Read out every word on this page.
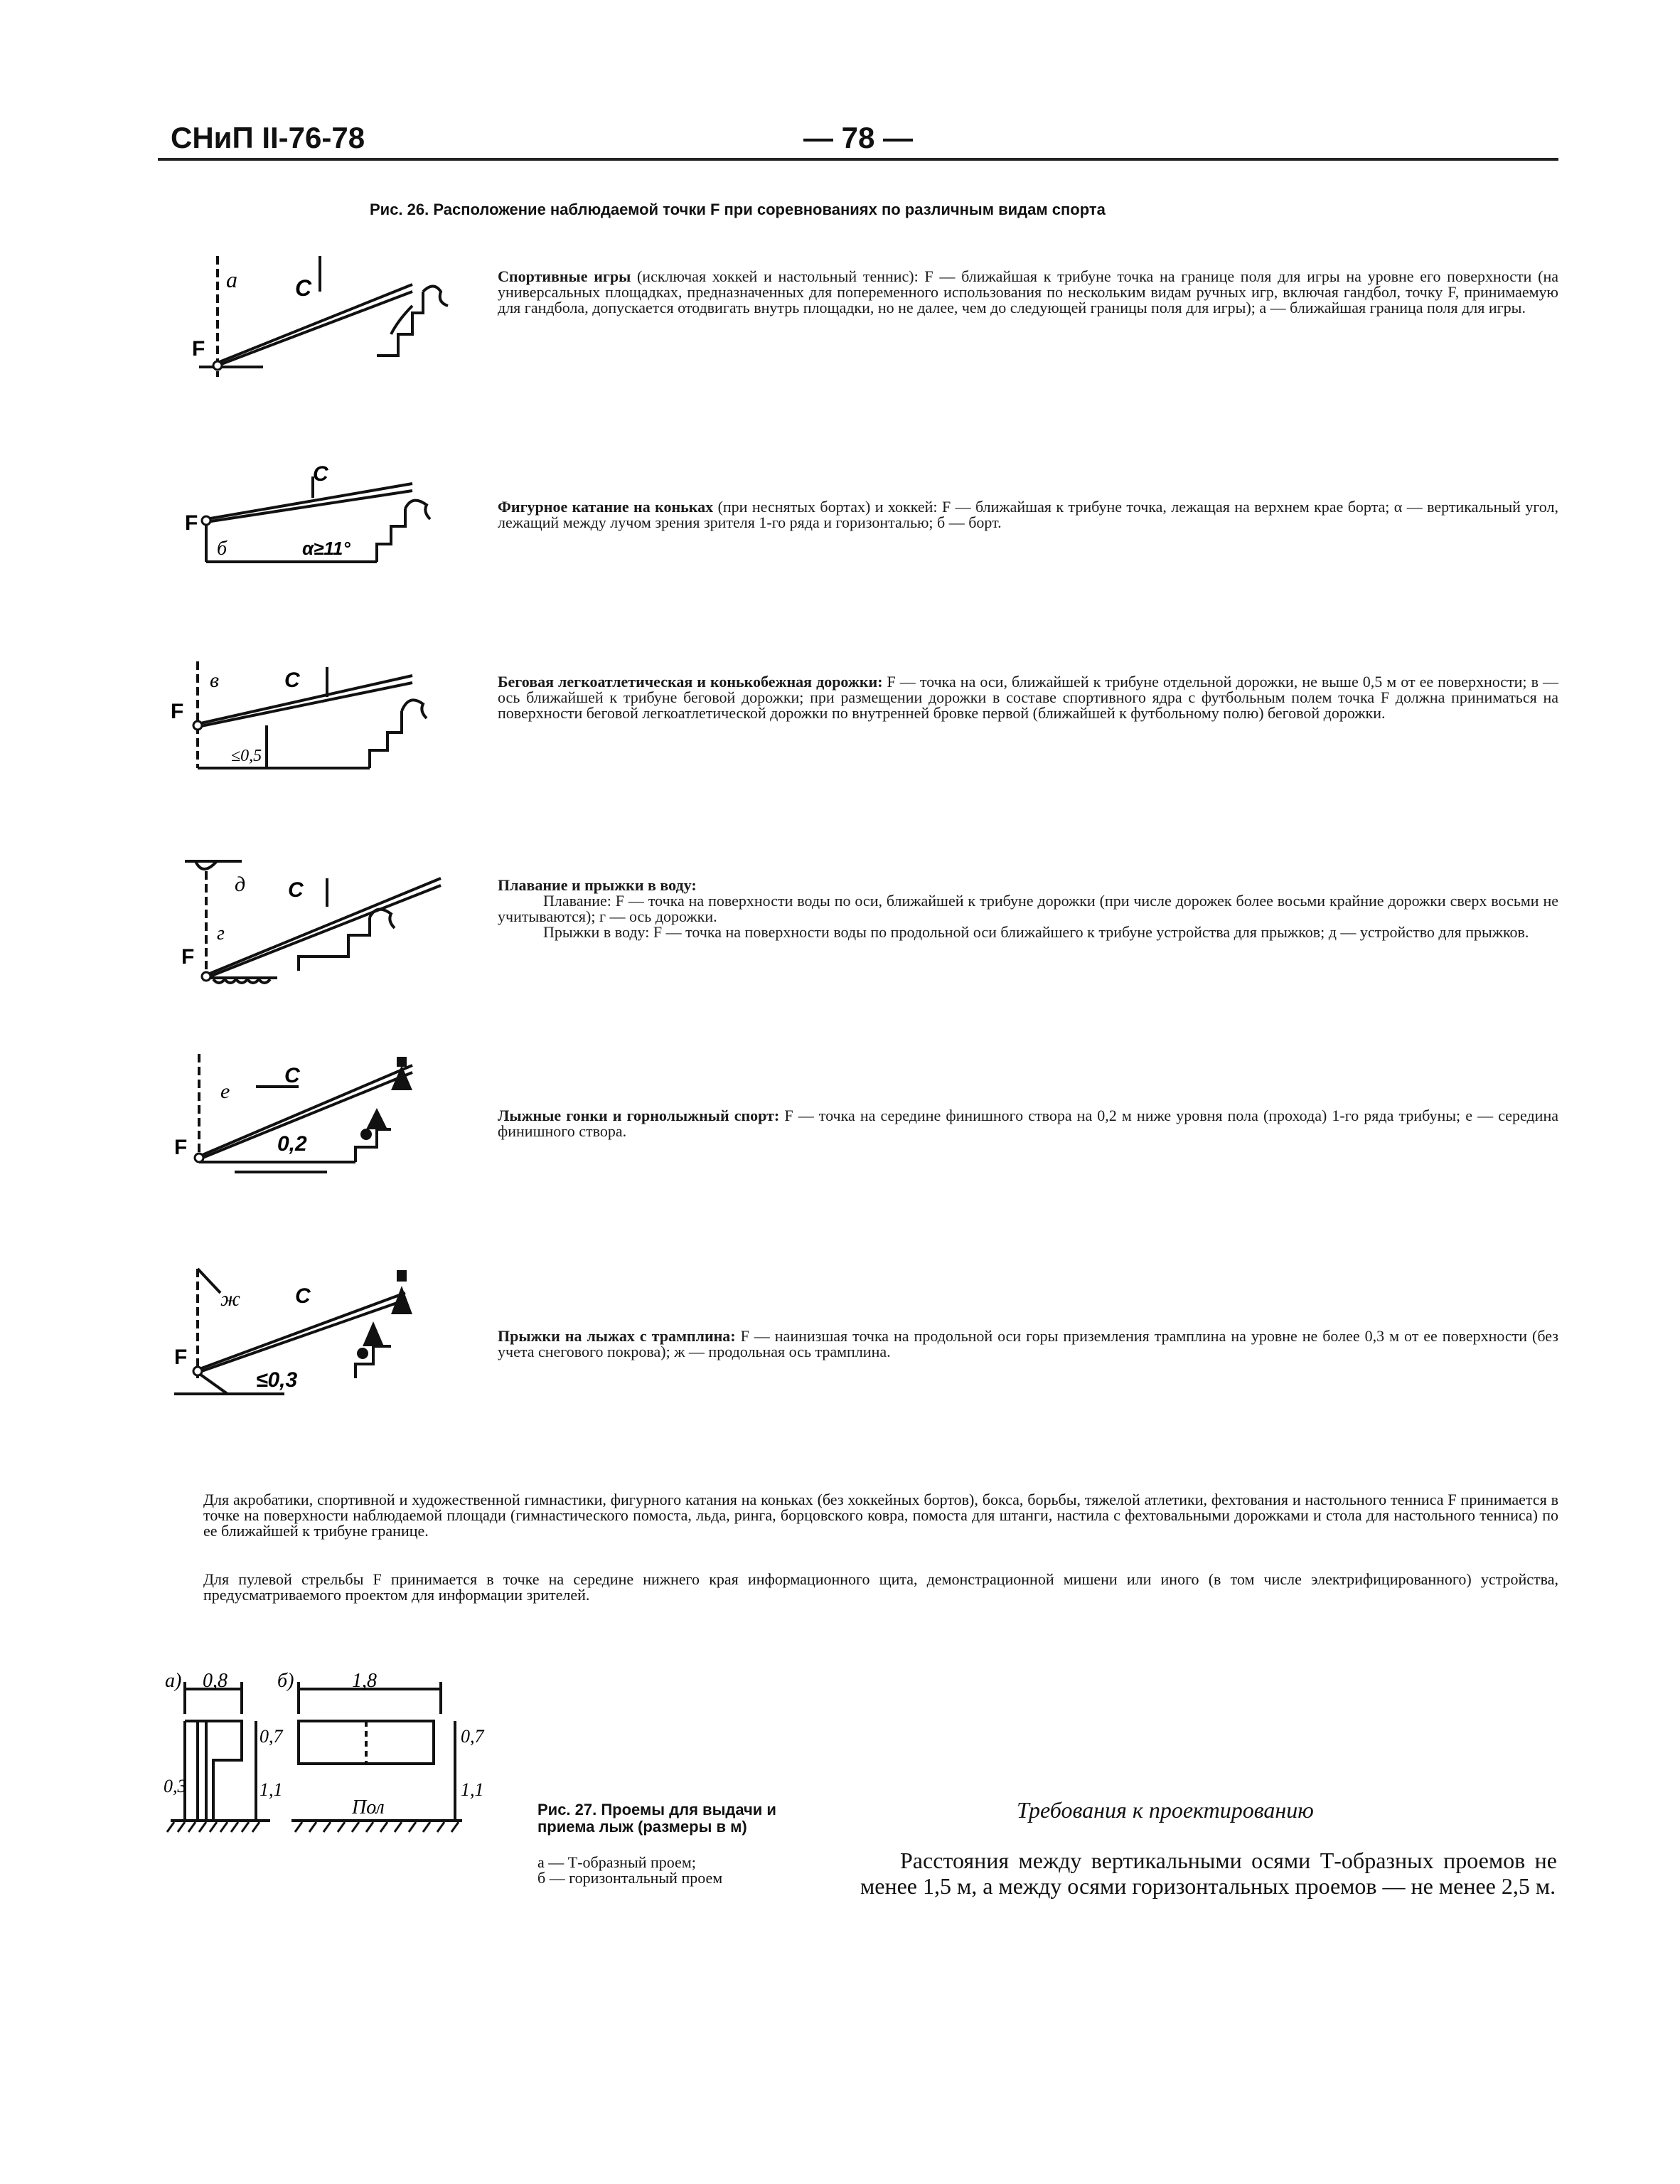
СНиП II-76-78	— 78 —
Рис. 26. Расположение наблюдаемой точки F при соревнованиях по различным видам спорта
а	С
F
Спортивные игры (исключая хоккей и настольный теннис): F — ближайшая к трибуне точка на границе поля для игры на уровне его поверхности (на универсальных площадках, предназначенных для попеременного использования по нескольким видам ручных игр, включая гандбол, точку F, принимаемую для гандбола, допускается отодвигать внутрь площадки, но не далее, чем до следующей границы поля для игры); а — ближайшая граница поля для игры.
С
F
б	α≥11°
Фигурное катание на коньках (при неснятых бортах) и хоккей: F — ближайшая к трибуне точка, лежащая на верхнем крае борта; α — вертикальный угол, лежащий между лучом зрения зрителя 1-го ряда и горизонталью; б — борт.
в	С
F
≤0,5
Беговая легкоатлетическая и конькобежная дорожки: F — точка на оси, ближайшей к трибуне отдельной дорожки, не выше 0,5 м от ее поверхности; в — ось ближайшей к трибуне беговой дорожки; при размещении дорожки в составе спортивного ядра с футбольным полем точка F должна приниматься на поверхности беговой легкоатлетической дорожки по внутренней бровке первой (ближайшей к футбольному полю) беговой дорожки.
д С
г
F
Плавание и прыжки в воду:
Плавание: F — точка на поверхности воды по оси, ближайшей к трибуне дорожки (при числе дорожек более восьми крайние дорожки сверх восьми не учитываются); г — ось дорожки.
Прыжки в воду: F — точка на поверхности воды по продольной оси ближайшего к трибуне устройства для прыжков; д — устройство для прыжков.
е
С
F	0,2
Лыжные гонки и горнолыжный спорт: F — точка на середине финишного створа на 0,2 м ниже уровня пола (прохода) 1-го ряда трибуны; е — середина финишного створа.
ж	С
F
≤0,3
Прыжки на лыжах с трамплина: F — наинизшая точка на продольной оси горы приземления трамплина на уровне не более 0,3 м от ее поверхности (без учета снегового покрова); ж — продольная ось трамплина.
Для акробатики, спортивной и художественной гимнастики, фигурного катания на коньках (без хоккейных бортов), бокса, борьбы, тяжелой атлетики, фехтования и настольного тенниса F принимается в точке на поверхности наблюдаемой площади (гимнастического помоста, льда, ринга, борцовского ковра, помоста для штанги, настила с фехтовальными дорожками и стола для настольного тенниса) по ее ближайшей к трибуне границе.
Для пулевой стрельбы F принимается в точке на середине нижнего края информационного щита, демонстрационной мишени или иного (в том числе электрифицированного) устройства, предусматриваемого проектом для информации зрителей.
а) 0,8
0,7
1,1
0,3
б)	1,8
0,7
1,1
Пол	Рис. 27. Проемы для выдачи и приема лыж (размеры в м)
а — Т-образный проем;
б — горизонтальный проем
Требования к проектированию
Расстояния между вертикальными осями Т-образных проемов не менее 1,5 м, а между осями горизонтальных проемов — не менее 2,5 м.
